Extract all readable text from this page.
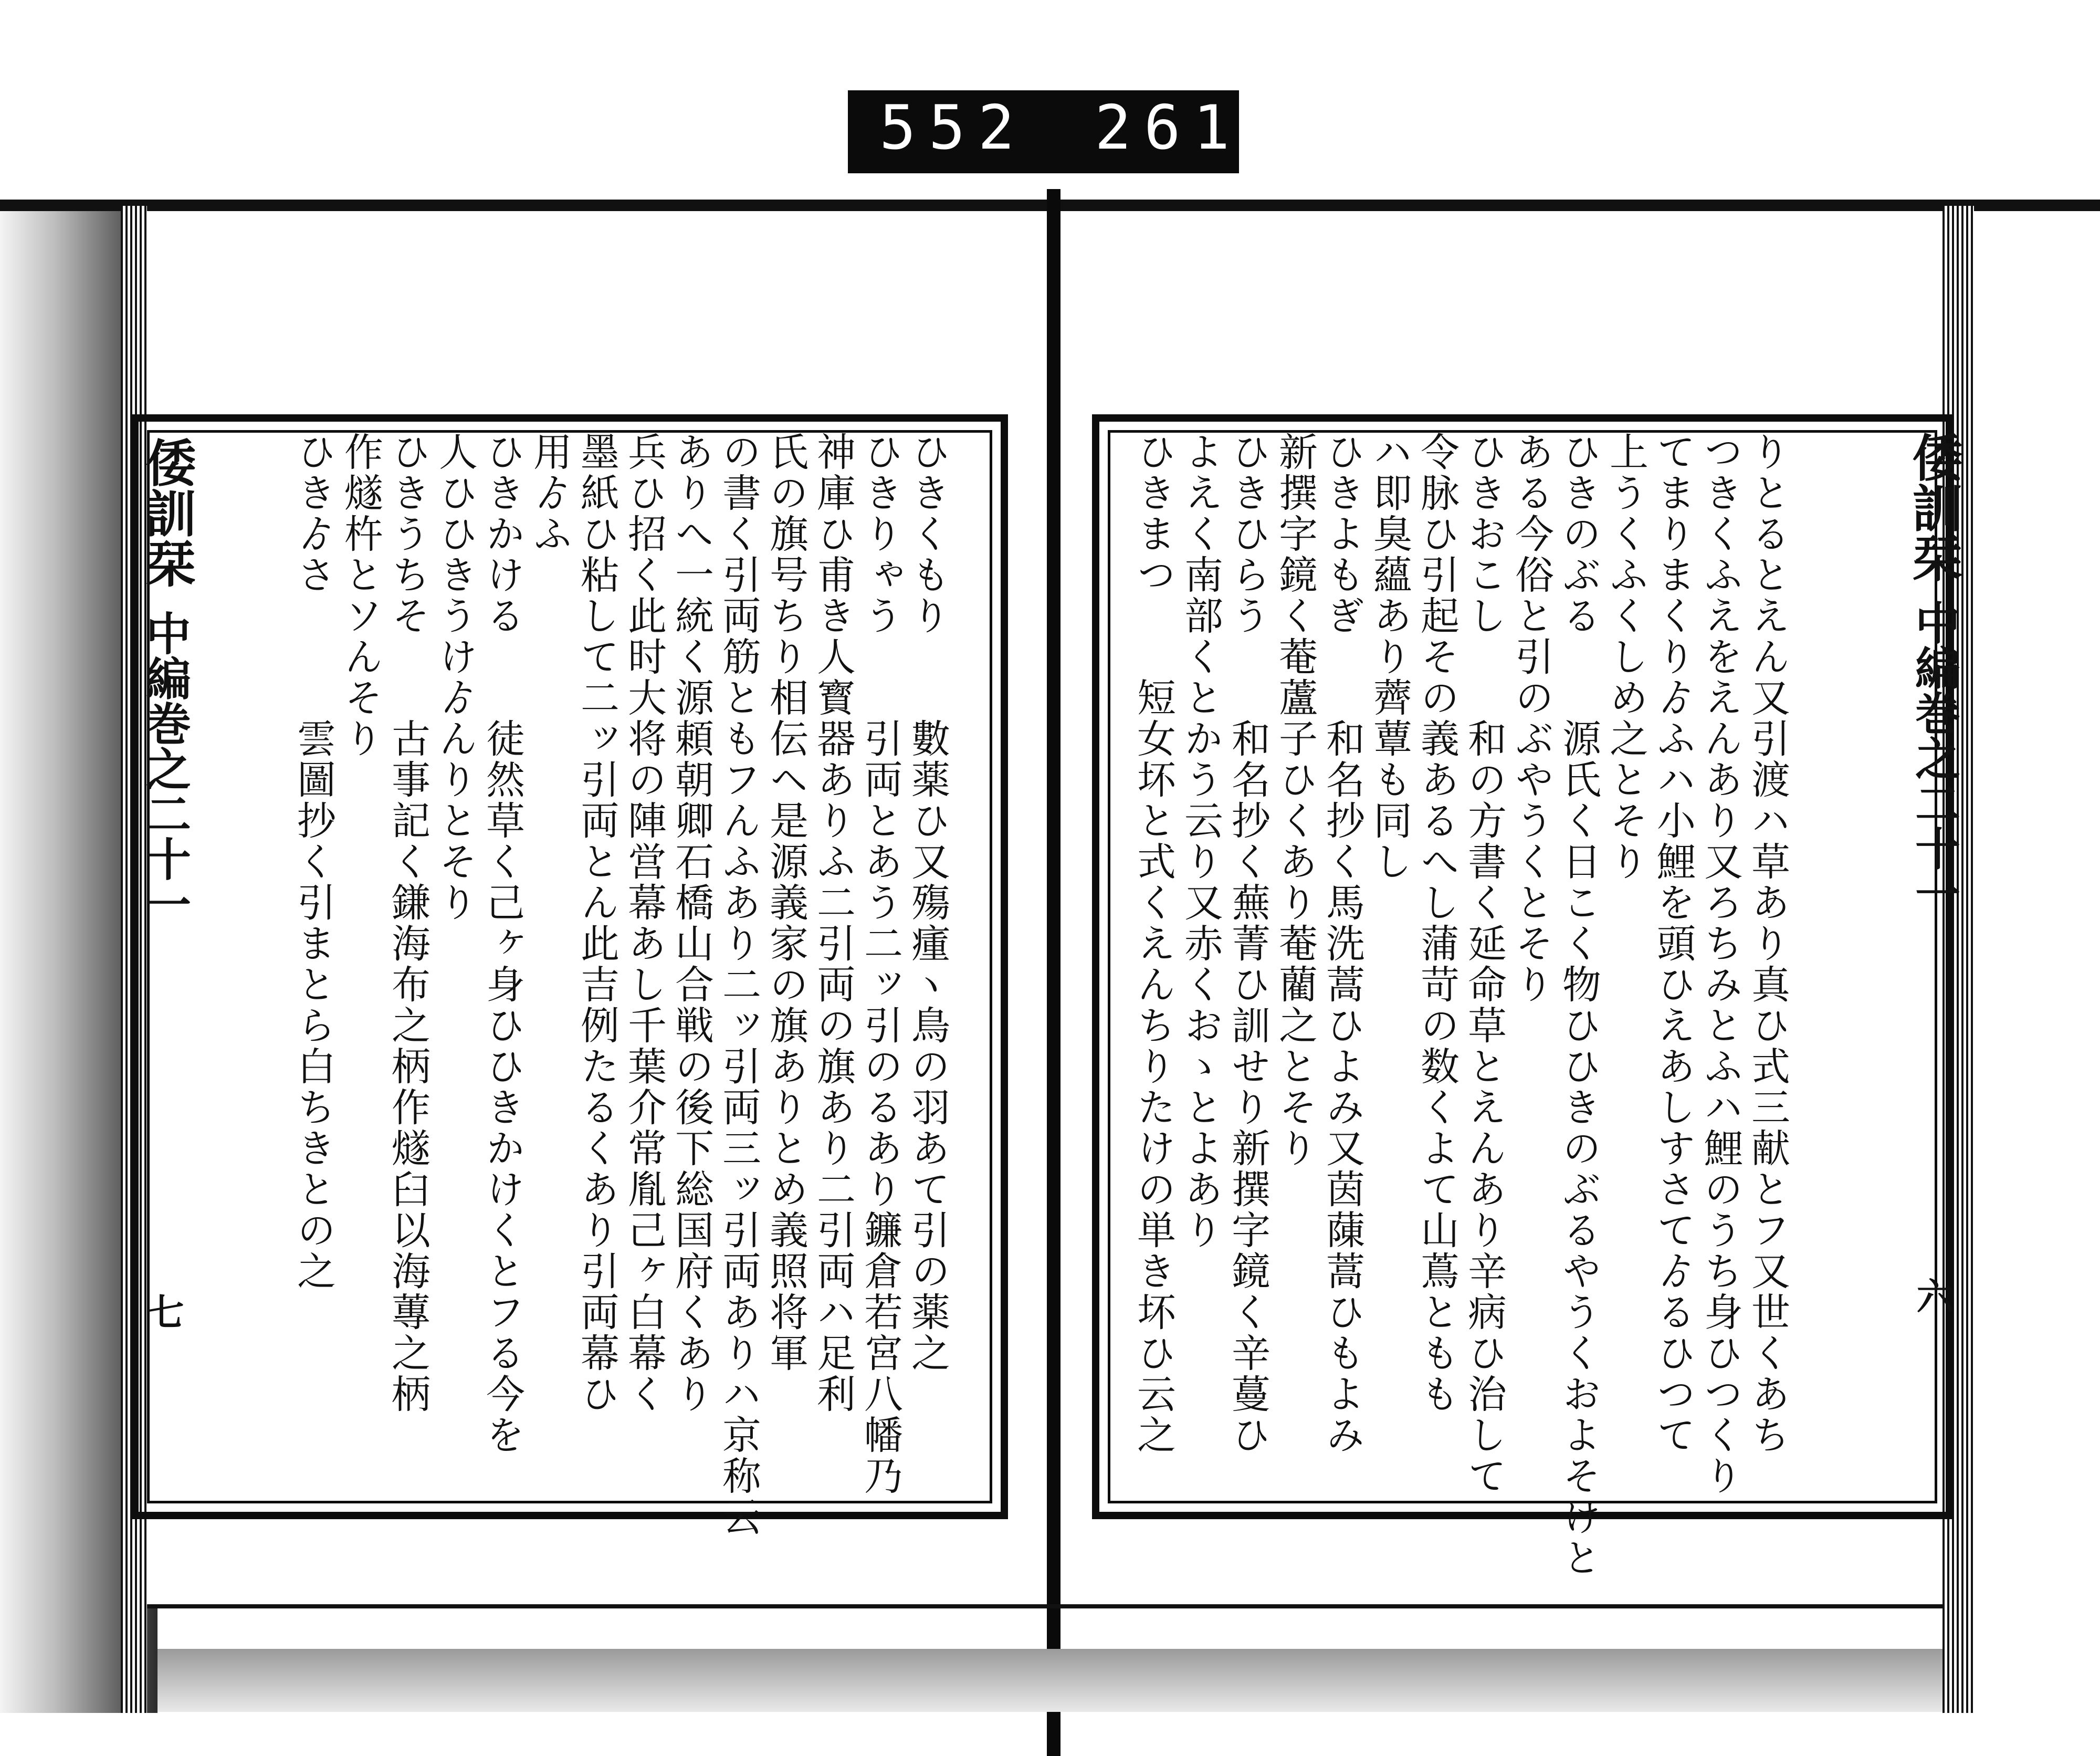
552 261.
倭訓栞
中編巻之二十一
七	ひきくもり　　數薬ひ又殤瘇ヽ鳥の羽あて引の薬之
ひきりゃう　　引両とあう二ッ引のるあり鐮倉若宮八幡乃
神庫ひ甫き人寳器ありふ二引両の旗あり二引両ハ足利
氏の旗号ちり相伝ヘ是源義家の旗ありとめ義照将軍
の書く引両筋ともフんふあり二ッ引両三ッ引両ありハ京称云
ありへ一統く源頼朝卿石橋山合戦の後下総国府くあり
兵ひ招く此时大将の陣営幕あし千葉介常胤己ヶ白幕く
墨紙ひ粘して二ッ引両とん此吉例たるくあり引両幕ひ
用ゟふ
ひきかける　　徒然草く己ヶ身ひひきかけくとフる今を
人ひひきうけゟんりとそり
ひきうちそ　　古事記く鎌海布之柄作燧臼以海蓴之柄
作燧杵とソんそり
ひきゟさ　　　雲圖抄く引まとら白ちきとの之	倭訓栞
中編巻之二十一
六
ひきまつ　　短女坏と式くえんちりたけの単き坏ひ云之 よえく南部くとかう云り又赤くおゝとよあり ひきひらう　　和名抄く蕪菁ひ訓せり新撰字鏡く辛蔓ひ 新撰字鏡く菴蘆子ひくあり菴藺之とそり ひきよもぎ　　和名抄く馬洗蒿ひよみ又茵蔯蒿ひもよみ ハ即臭蘊あり薺蕈も同し 令脉ひ引起その義あるへし蒲苛の数くよて山蔦ともも ひきおこし　　和の方書く延命草とえんあり辛病ひ治して ある今俗と引のぶやうくとそり ひきのぶる　　源氏く日こく物ひひきのぶるやうくおよそけと 上うくふくしめ之とそり てまりまくりゟふハ小鯉を頭ひえあしすさてゟるひつて つきくふえをえんあり又ろちみとふハ鯉のうち身ひつくり りとるとえん又引渡ハ草あり真ひ式三献とフ又世くあち
